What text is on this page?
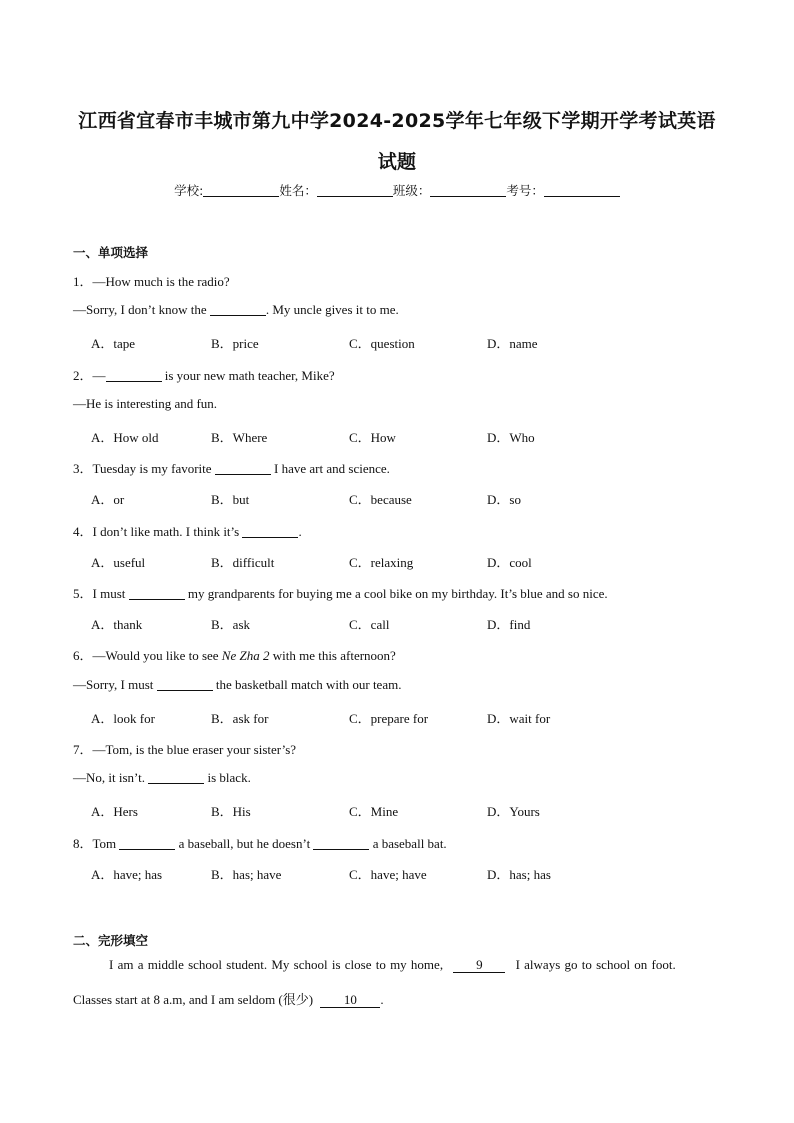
江西省宜春市丰城市第九中学2024-2025学年七年级下学期开学考试英语
试题
学校:	姓名：	班级：	考号：
一、单项选择
1．—How much is the radio?
—Sorry, I don’t know the	. My uncle gives it to me.
A．tape	B．price	C．question	D．name
2．—	is your new math teacher, Mike?
—He is interesting and fun.
A．How old	B．Where	C．How	D．Who
3．Tuesday is my favorite	I have art and science.
A．or	B．but	C．because	D．so
4．I don’t like math. I think it’s	.
A．useful	B．difficult	C．relaxing	D．cool
5．I must	my grandparents for buying me a cool bike on my birthday. It’s blue and so nice.
A．thank	B．ask	C．call	D．find
6．—Would you like to see Ne Zha 2 with me this afternoon?
—Sorry, I must	the basketball match with our team.
A．look for	B．ask for	C．prepare for	D．wait for
7．—Tom, is the blue eraser your sister’s?
—No, it isn’t.	is black.
A．Hers	B．His	C．Mine	D．Yours
8．Tom	a baseball, but he doesn’t	a baseball bat.
A．have; has	B．has; have	C．have; have	D．has; has
二、完形填空
I am a middle school student. My school is close to my home, 9 I always go to school on foot.
Classes start at 8 a.m, and I am seldom (很少) 10 .
